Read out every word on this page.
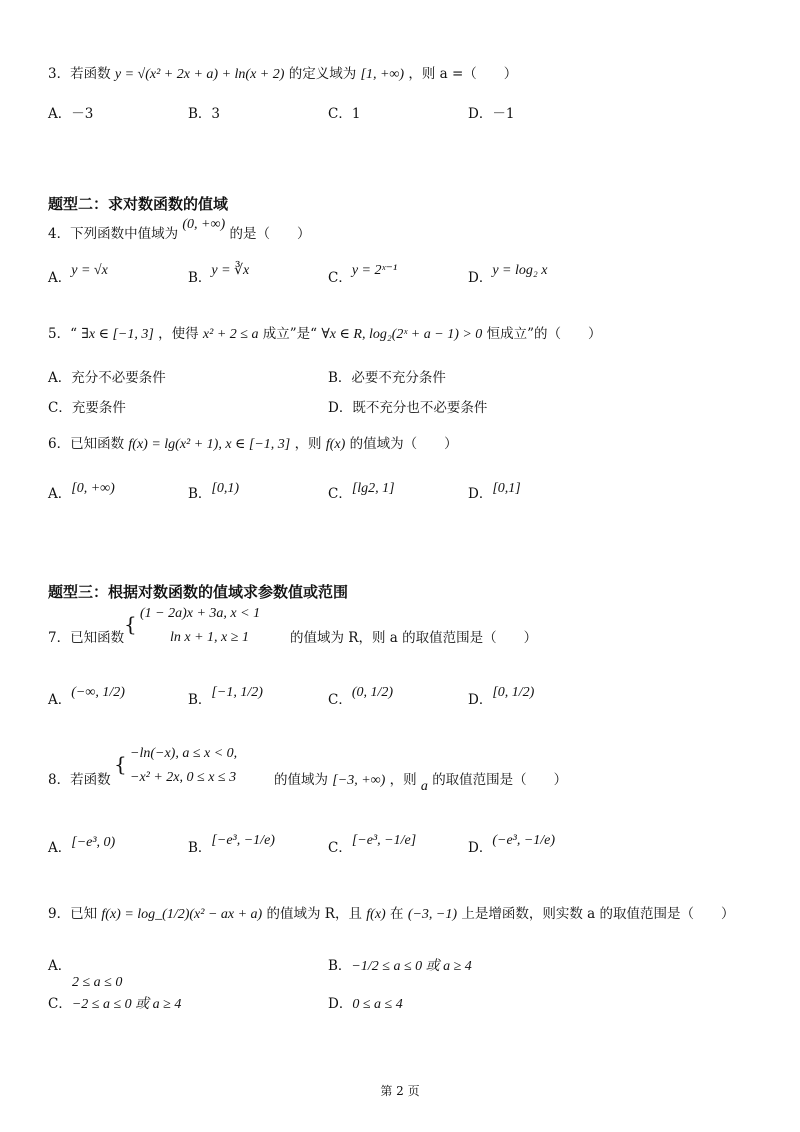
3．若函数 y = √(x² + 2x + a) + ln(x + 2) 的定义域为 [1, +∞) ，则 a =（　　）
A．－3	B．3	C．1	D．－1
题型二：求对数函数的值域
4．下列函数中值域为 (0, +∞) 的是（　　）
A．y = √x	B．y = ∛x	C．y = 2ˣ⁻¹	D．y = log₂ x
5．“ ∃x ∈ [−1, 3] ，使得 x² + 2 ≤ a 成立”是“ ∀x ∈ R, log₂(2ˣ + a − 1) > 0 恒成立”的（　　）
A．充分不必要条件	B．必要不充分条件
C．充要条件	D．既不充分也不必要条件
6．已知函数 f(x) = lg(x² + 1), x ∈ [−1, 3] ，则 f(x) 的值域为（　　）
A．[0, +∞)	B．[0,1)	C．[lg2, 1]	D．[0,1]
题型三：根据对数函数的值域求参数值或范围
7．已知函数
{ (1 − 2a)x + 3a, x < 1
ln x + 1, x ≥ 1	的值域为 R，则 a 的取值范围是（　　）
A．(−∞, 1/2)	B．[−1, 1/2)	C．(0, 1/2)	D．[0, 1/2)
8．若函数
{ −ln(−x), a ≤ x < 0,
−x² + 2x, 0 ≤ x ≤ 3	的值域为 [−3, +∞) ，则 a 的取值范围是（　　）
A．[−e³, 0)	B．[−e³, −1/e)	C．[−e³, −1/e]	D．(−e³, −1/e)
9．已知 f(x) = log_(1/2)(x² − ax + a) 的值域为 R，且 f(x) 在 (−3, −1) 上是增函数，则实数 a 的取值范围是（　　）
A．
2 ≤ a ≤ 0
B．−1/2 ≤ a ≤ 0 或 a ≥ 4
C．−2 ≤ a ≤ 0 或 a ≥ 4	D．0 ≤ a ≤ 4
第 2 页
